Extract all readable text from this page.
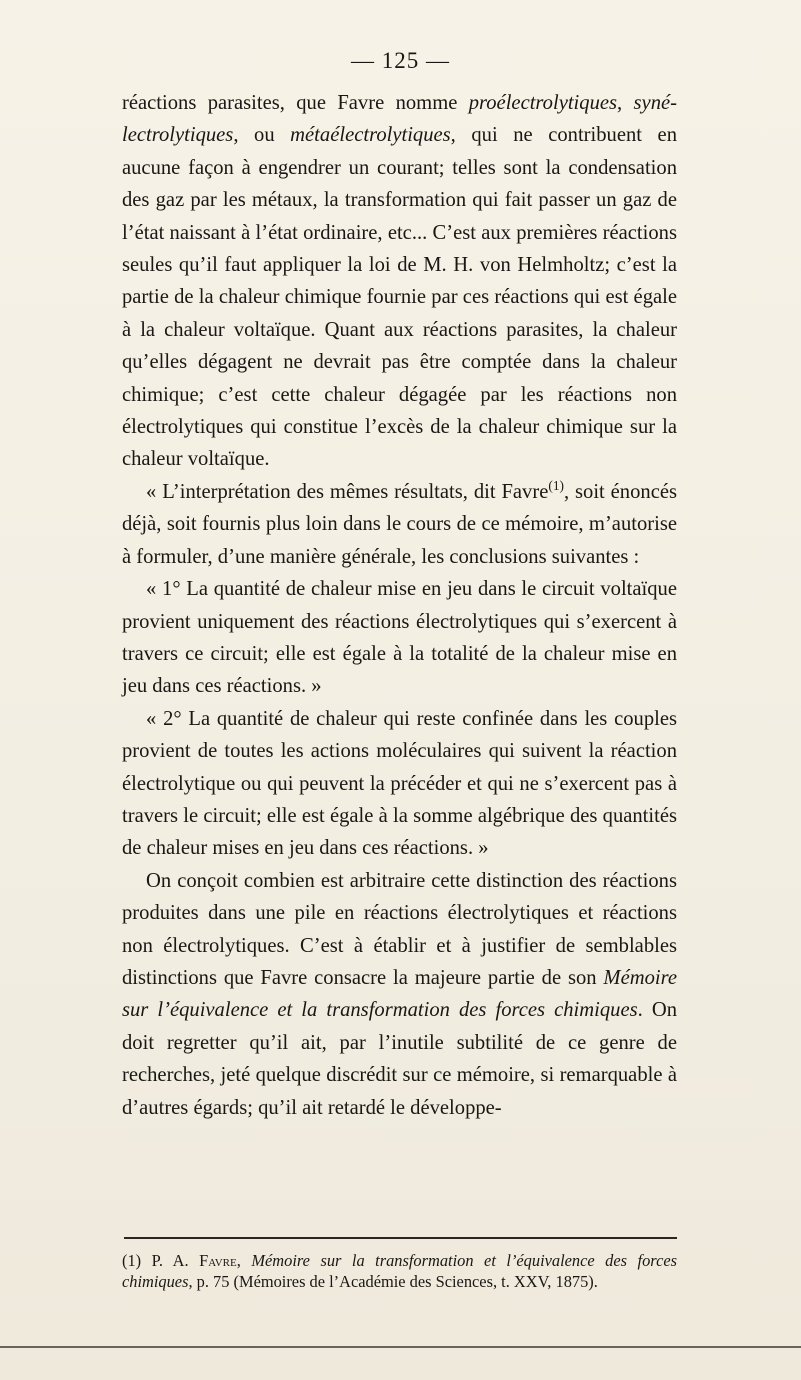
— 125 —

réactions parasites, que Favre nomme proélectrolytiques, synélectrolytiques, ou métaélectrolytiques, qui ne contribuent en aucune façon à engendrer un courant; telles sont la condensation des gaz par les métaux, la transformation qui fait passer un gaz de l’état naissant à l’état ordinaire, etc... C’est aux premières réactions seules qu’il faut appliquer la loi de M. H. von Helmholtz; c’est la partie de la chaleur chimique fournie par ces réactions qui est égale à la chaleur voltaïque. Quant aux réactions parasites, la chaleur qu’elles dégagent ne devrait pas être comptée dans la chaleur chimique; c’est cette chaleur dégagée par les réactions non électrolytiques qui constitue l’excès de la chaleur chimique sur la chaleur voltaïque.

« L’interprétation des mêmes résultats, dit Favre$^{(1)}$, soit énoncés déjà, soit fournis plus loin dans le cours de ce mémoire, m’autorise à formuler, d’une manière générale, les conclusions suivantes :

« 1° La quantité de chaleur mise en jeu dans le circuit voltaïque provient uniquement des réactions électrolytiques qui s’exercent à travers ce circuit; elle est égale à la totalité de la chaleur mise en jeu dans ces réactions. »

« 2° La quantité de chaleur qui reste confinée dans les couples provient de toutes les actions moléculaires qui suivent la réaction électrolytique ou qui peuvent la précéder et qui ne s’exercent pas à travers le circuit; elle est égale à la somme algébrique des quantités de chaleur mises en jeu dans ces réactions. »

On conçoit combien est arbitraire cette distinction des réactions produites dans une pile en réactions électrolytiques et réactions non électrolytiques. C’est à établir et à justifier de semblables distinctions que Favre consacre la majeure partie de son Mémoire sur l’équivalence et la transformation des forces chimiques. On doit regretter qu’il ait, par l’inutile subtilité de ce genre de recherches, jeté quelque discrédit sur ce mémoire, si remarquable à d’autres égards; qu’il ait retardé le développe-

(1) P. A. Favre, Mémoire sur la transformation et l’équivalence des forces chimiques, p. 75 (Mémoires de l’Académie des Sciences, t. XXV, 1875).
